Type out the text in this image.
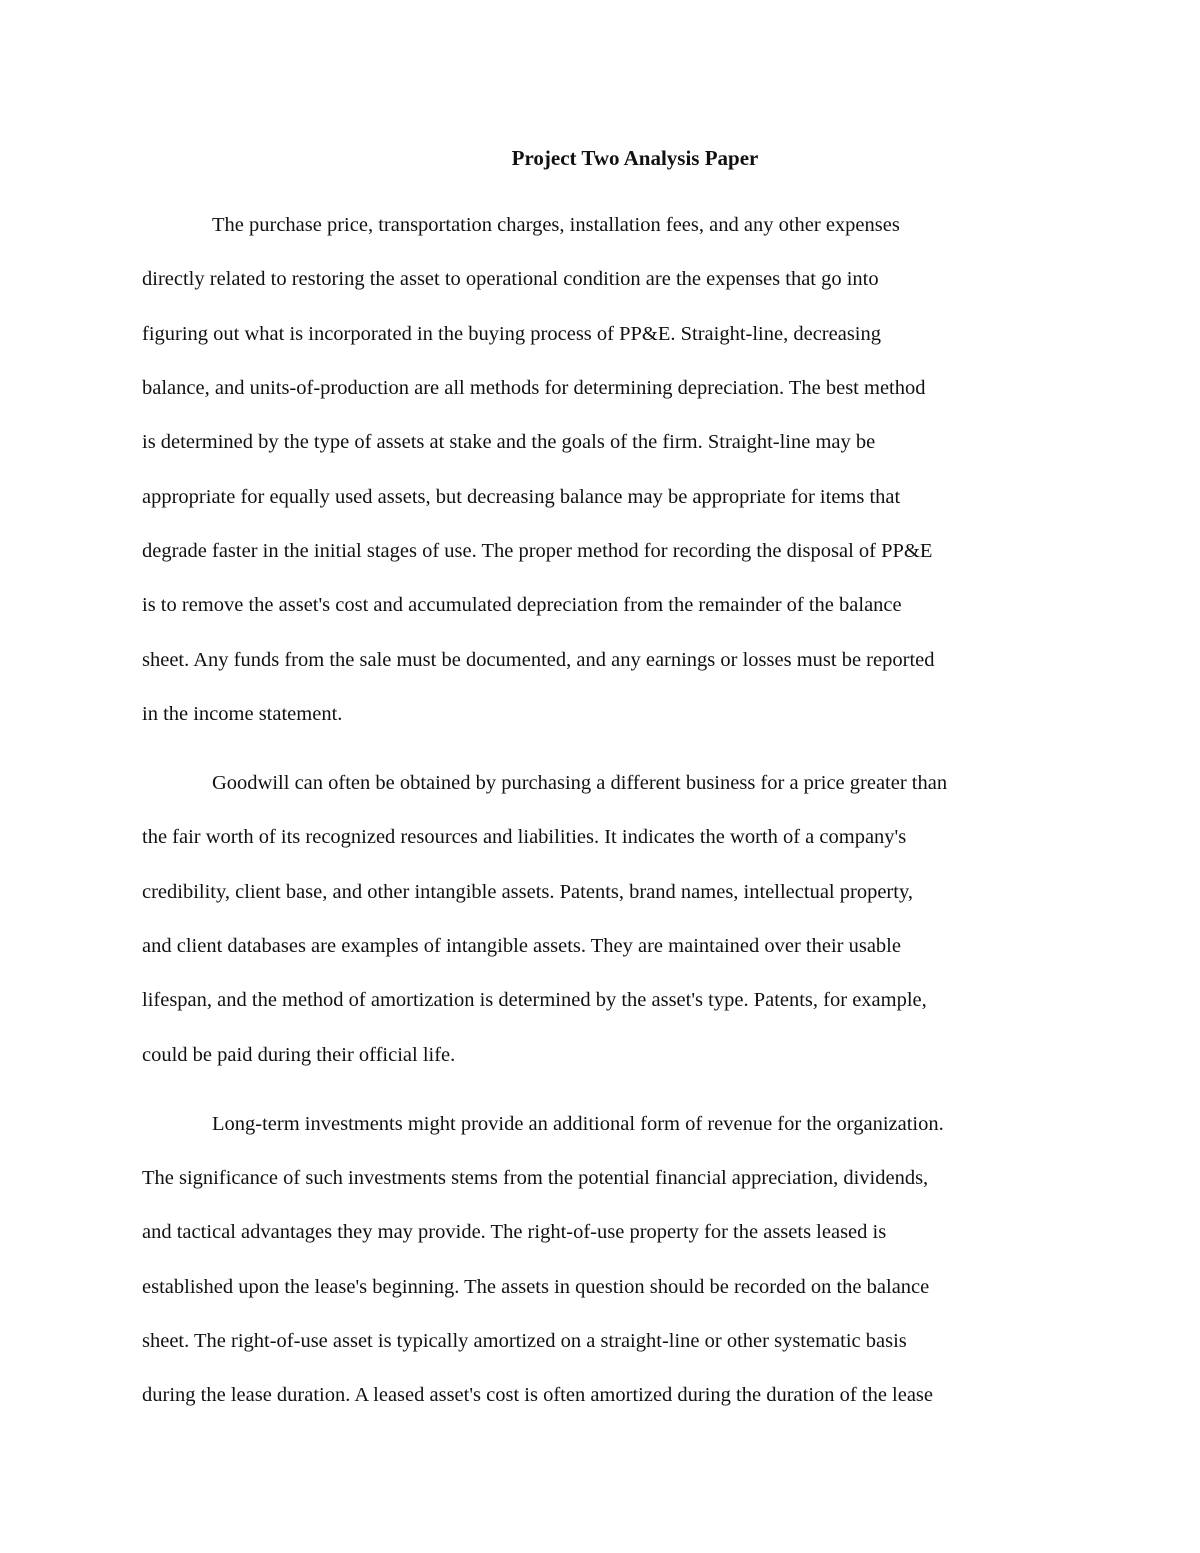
Project Two Analysis Paper
The purchase price, transportation charges, installation fees, and any other expenses
directly related to restoring the asset to operational condition are the expenses that go into
figuring out what is incorporated in the buying process of PP&E. Straight-line, decreasing
balance, and units-of-production are all methods for determining depreciation. The best method
is determined by the type of assets at stake and the goals of the firm. Straight-line may be
appropriate for equally used assets, but decreasing balance may be appropriate for items that
degrade faster in the initial stages of use. The proper method for recording the disposal of PP&E
is to remove the asset's cost and accumulated depreciation from the remainder of the balance
sheet. Any funds from the sale must be documented, and any earnings or losses must be reported
in the income statement.
Goodwill can often be obtained by purchasing a different business for a price greater than
the fair worth of its recognized resources and liabilities. It indicates the worth of a company's
credibility, client base, and other intangible assets. Patents, brand names, intellectual property,
and client databases are examples of intangible assets. They are maintained over their usable
lifespan, and the method of amortization is determined by the asset's type. Patents, for example,
could be paid during their official life.
Long-term investments might provide an additional form of revenue for the organization.
The significance of such investments stems from the potential financial appreciation, dividends,
and tactical advantages they may provide. The right-of-use property for the assets leased is
established upon the lease's beginning. The assets in question should be recorded on the balance
sheet. The right-of-use asset is typically amortized on a straight-line or other systematic basis
during the lease duration. A leased asset's cost is often amortized during the duration of the lease
